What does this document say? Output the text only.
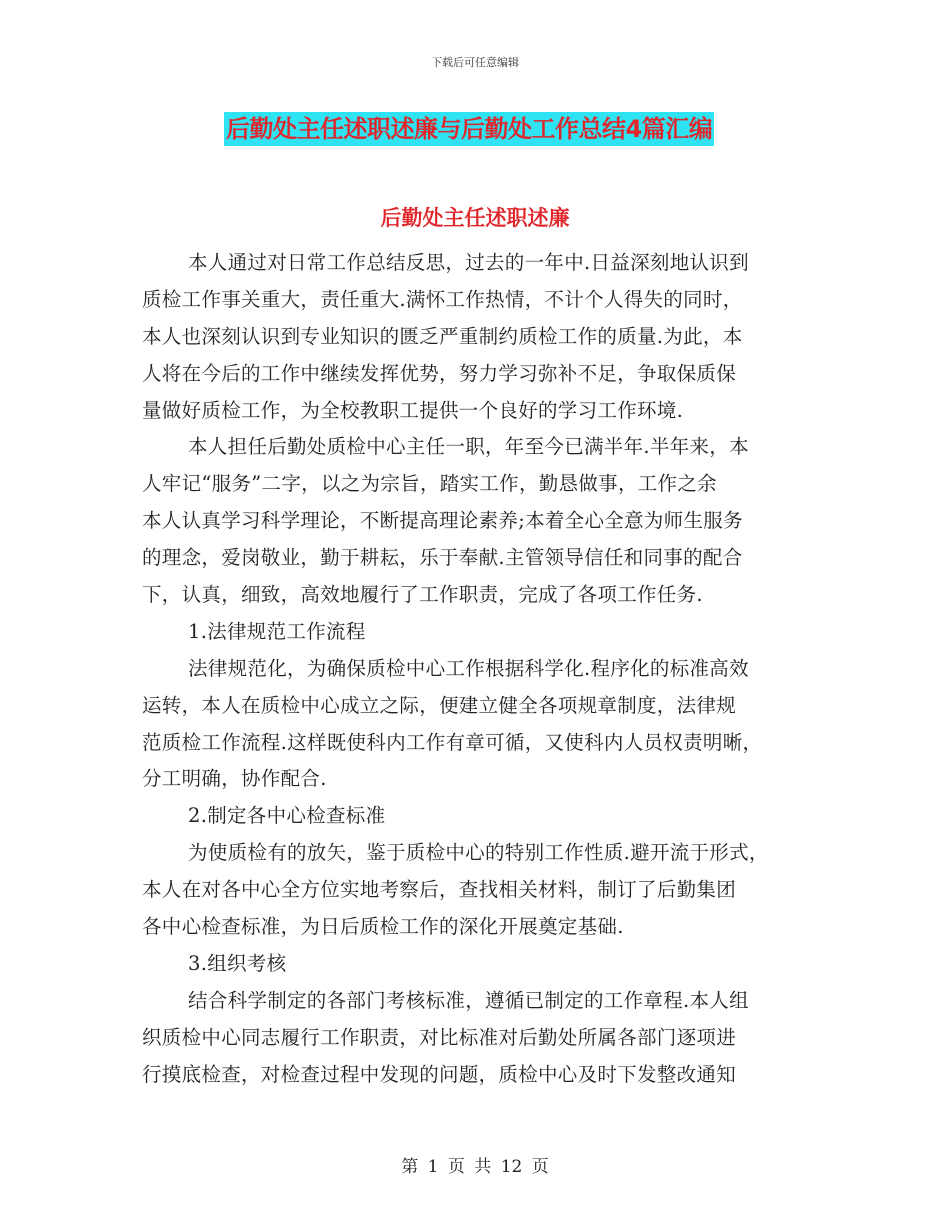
下载后可任意编辑
后勤处主任述职述廉与后勤处工作总结4篇汇编
后勤处主任述职述廉
本人通过对日常工作总结反思，过去的一年中.日益深刻地认识到
质检工作事关重大，责任重大.满怀工作热情，不计个人得失的同时，
本人也深刻认识到专业知识的匮乏严重制约质检工作的质量.为此，本
人将在今后的工作中继续发挥优势，努力学习弥补不足，争取保质保
量做好质检工作，为全校教职工提供一个良好的学习工作环境.
本人担任后勤处质检中心主任一职，年至今已满半年.半年来，本
人牢记“服务”二字，以之为宗旨，踏实工作，勤恳做事，工作之余
本人认真学习科学理论，不断提高理论素养;本着全心全意为师生服务
的理念，爱岗敬业，勤于耕耘，乐于奉献.主管领导信任和同事的配合
下，认真，细致，高效地履行了工作职责，完成了各项工作任务.
1.法律规范工作流程
法律规范化，为确保质检中心工作根据科学化.程序化的标准高效
运转，本人在质检中心成立之际，便建立健全各项规章制度，法律规
范质检工作流程.这样既使科内工作有章可循，又使科内人员权责明晰，
分工明确，协作配合.
2.制定各中心检查标准
为使质检有的放矢，鉴于质检中心的特别工作性质.避开流于形式，
本人在对各中心全方位实地考察后，查找相关材料，制订了后勤集团
各中心检查标准，为日后质检工作的深化开展奠定基础.
3.组织考核
结合科学制定的各部门考核标准，遵循已制定的工作章程.本人组
织质检中心同志履行工作职责，对比标准对后勤处所属各部门逐项进
行摸底检查，对检查过程中发现的问题，质检中心及时下发整改通知
第 1 页 共 12 页
